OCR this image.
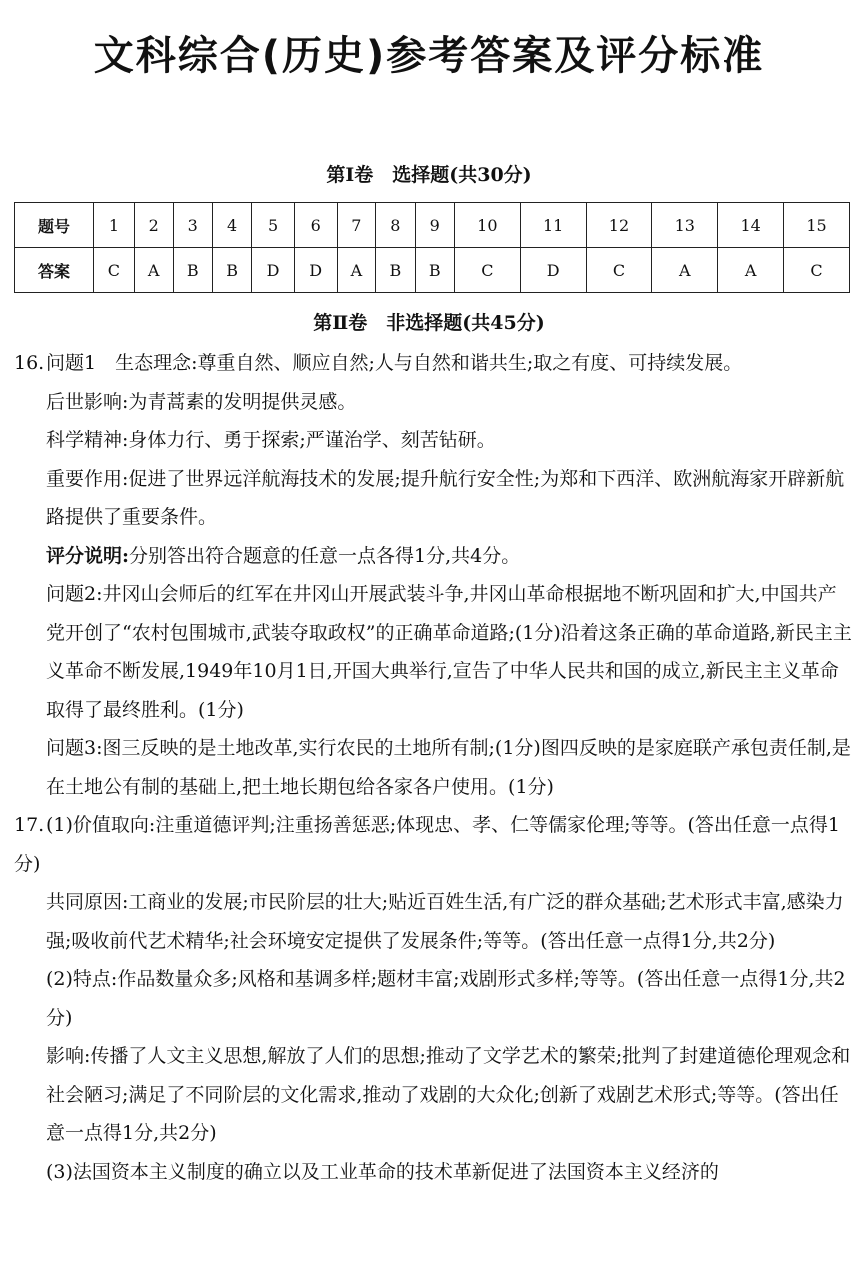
文科综合(历史)参考答案及评分标准
第Ⅰ卷　选择题(共30分)
题号	1	2	3	4	5	6	7	8	9	10	11	12	13	14	15
答案	C	A	B	B	D	D	A	B	B	C	D	C	A	A	C
第Ⅱ卷　非选择题(共45分)

16.问题1　生态理念:尊重自然、顺应自然;人与自然和谐共生;取之有度、可持续发展。

后世影响:为青蒿素的发明提供灵感。

科学精神:身体力行、勇于探索;严谨治学、刻苦钻研。

重要作用:促进了世界远洋航海技术的发展;提升航行安全性;为郑和下西洋、欧洲航海家开辟新航路提供了重要条件。

评分说明:分别答出符合题意的任意一点各得1分,共4分。

问题2:井冈山会师后的红军在井冈山开展武装斗争,井冈山革命根据地不断巩固和扩大,中国共产党开创了“农村包围城市,武装夺取政权”的正确革命道路;(1分)沿着这条正确的革命道路,新民主主义革命不断发展,1949年10月1日,开国大典举行,宣告了中华人民共和国的成立,新民主主义革命取得了最终胜利。(1分)

问题3:图三反映的是土地改革,实行农民的土地所有制;(1分)图四反映的是家庭联产承包责任制,是在土地公有制的基础上,把土地长期包给各家各户使用。(1分)

17.(1)价值取向:注重道德评判;注重扬善惩恶;体现忠、孝、仁等儒家伦理;等等。(答出任意一点得1分)

共同原因:工商业的发展;市民阶层的壮大;贴近百姓生活,有广泛的群众基础;艺术形式丰富,感染力强;吸收前代艺术精华;社会环境安定提供了发展条件;等等。(答出任意一点得1分,共2分)

(2)特点:作品数量众多;风格和基调多样;题材丰富;戏剧形式多样;等等。(答出任意一点得1分,共2分)

影响:传播了人文主义思想,解放了人们的思想;推动了文学艺术的繁荣;批判了封建道德伦理观念和社会陋习;满足了不同阶层的文化需求,推动了戏剧的大众化;创新了戏剧艺术形式;等等。(答出任意一点得1分,共2分)

(3)法国资本主义制度的确立以及工业革命的技术革新促进了法国资本主义经济的
